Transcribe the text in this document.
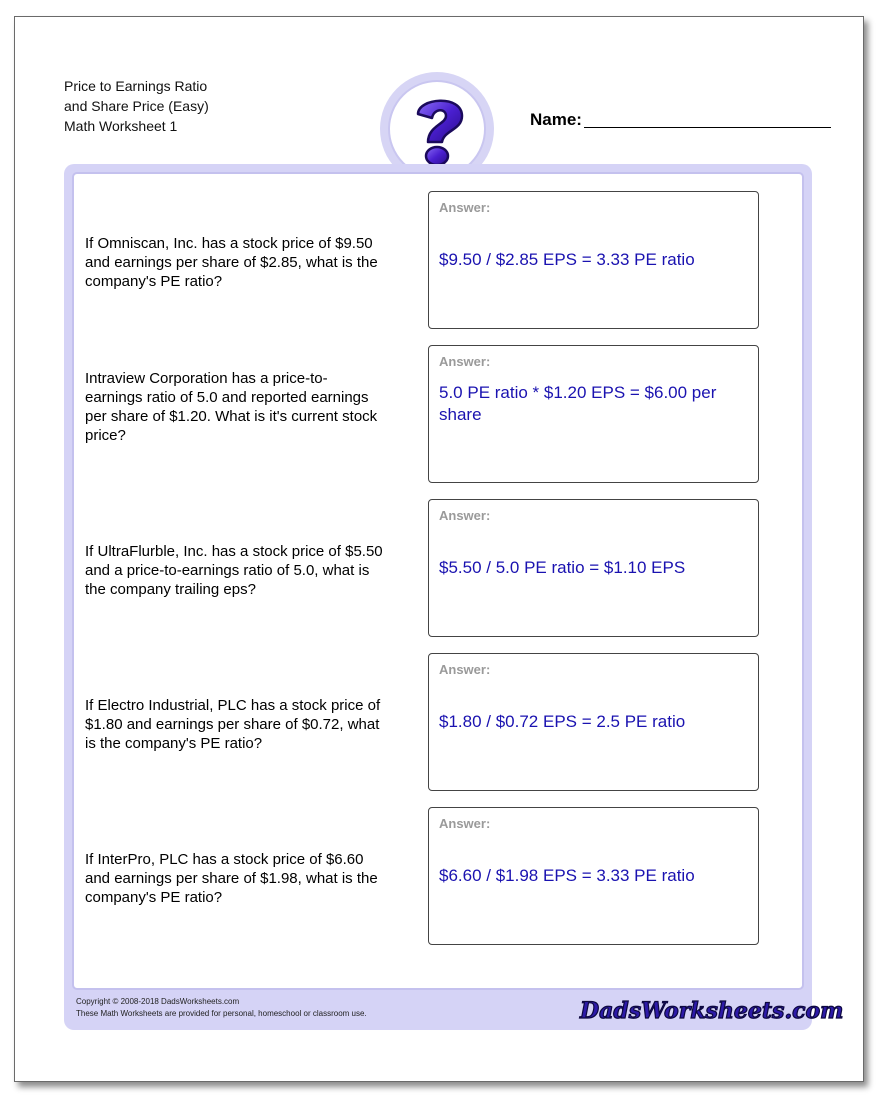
Price to Earnings Ratio
and Share Price (Easy)
Math Worksheet 1	Name:
Copyright © 2008-2018 DadsWorksheets.com
These Math Worksheets are provided for personal, homeschool or classroom use.	DadsWorksheets.com
If Omniscan, Inc. has a stock price of $9.50 and earnings per share of $2.85, what is the company's PE ratio?
Answer:
$9.50 / $2.85 EPS = 3.33 PE ratio
Intraview Corporation has a price-to-earnings ratio of 5.0 and reported earnings per share of $1.20. What is it's current stock price?
Answer:
5.0 PE ratio * $1.20 EPS = $6.00 per share
If UltraFlurble, Inc. has a stock price of $5.50 and a price-to-earnings ratio of 5.0, what is the company trailing eps?
Answer:
$5.50 / 5.0 PE ratio = $1.10 EPS
If Electro Industrial, PLC has a stock price of $1.80 and earnings per share of $0.72, what is the company's PE ratio?
Answer:
$1.80 / $0.72 EPS = 2.5 PE ratio
If InterPro, PLC has a stock price of $6.60 and earnings per share of $1.98, what is the company's PE ratio?
Answer:
$6.60 / $1.98 EPS = 3.33 PE ratio
